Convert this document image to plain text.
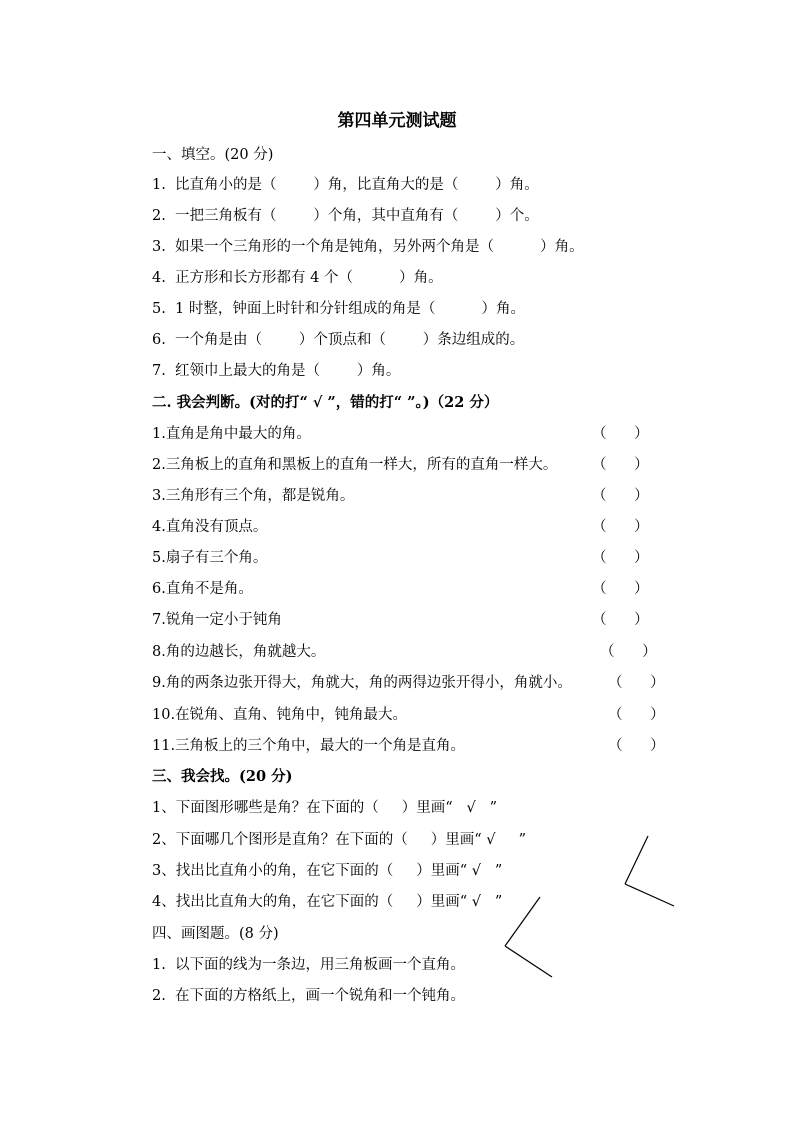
第四单元测试题
一、填空。(20 分)
1.  比直角小的是（        ）角，比直角大的是（        ）角。
2.  一把三角板有（        ）个角，其中直角有（        ）个。
3.  如果一个三角形的一个角是钝角，另外两个角是（          ）角。
4.  正方形和长方形都有 4 个（          ）角。
5.  1 时整，钟面上时针和分针组成的角是（          ）角。
6.  一个角是由（        ）个顶点和（        ）条边组成的。
7.  红领巾上最大的角是（        ）角。
二. 我会判断。(对的打“ √ ”，错的打“ ”。)（22 分）
1.直角是角中最大的角。	（      ）
2.三角板上的直角和黑板上的直角一样大，所有的直角一样大。 （      ）
3.三角形有三个角，都是锐角。	（      ）
4.直角没有顶点。	（      ）
5.扇子有三个角。	（      ）
6.直角不是角。	（      ）
7.锐角一定小于钝角	（      ）
8.角的边越长，角就越大。	（      ）
9.角的两条边张开得大，角就大，角的两得边张开得小，角就小。 （      ）
10.在锐角、直角、钝角中，钝角最大。	（      ）
11.三角板上的三个角中，最大的一个角是直角。	（      ）
三、我会找。(20 分)
1、下面图形哪些是角？在下面的（     ）里画“   √   ”
2、下面哪几个图形是直角？在下面的（     ）里画“ √     ”
3、找出比直角小的角，在它下面的（     ）里画“ √   ”
4、找出比直角大的角，在它下面的（     ）里画“ √   ”
四、画图题。(8 分)
1.  以下面的线为一条边，用三角板画一个直角。
2.  在下面的方格纸上，画一个锐角和一个钝角。
